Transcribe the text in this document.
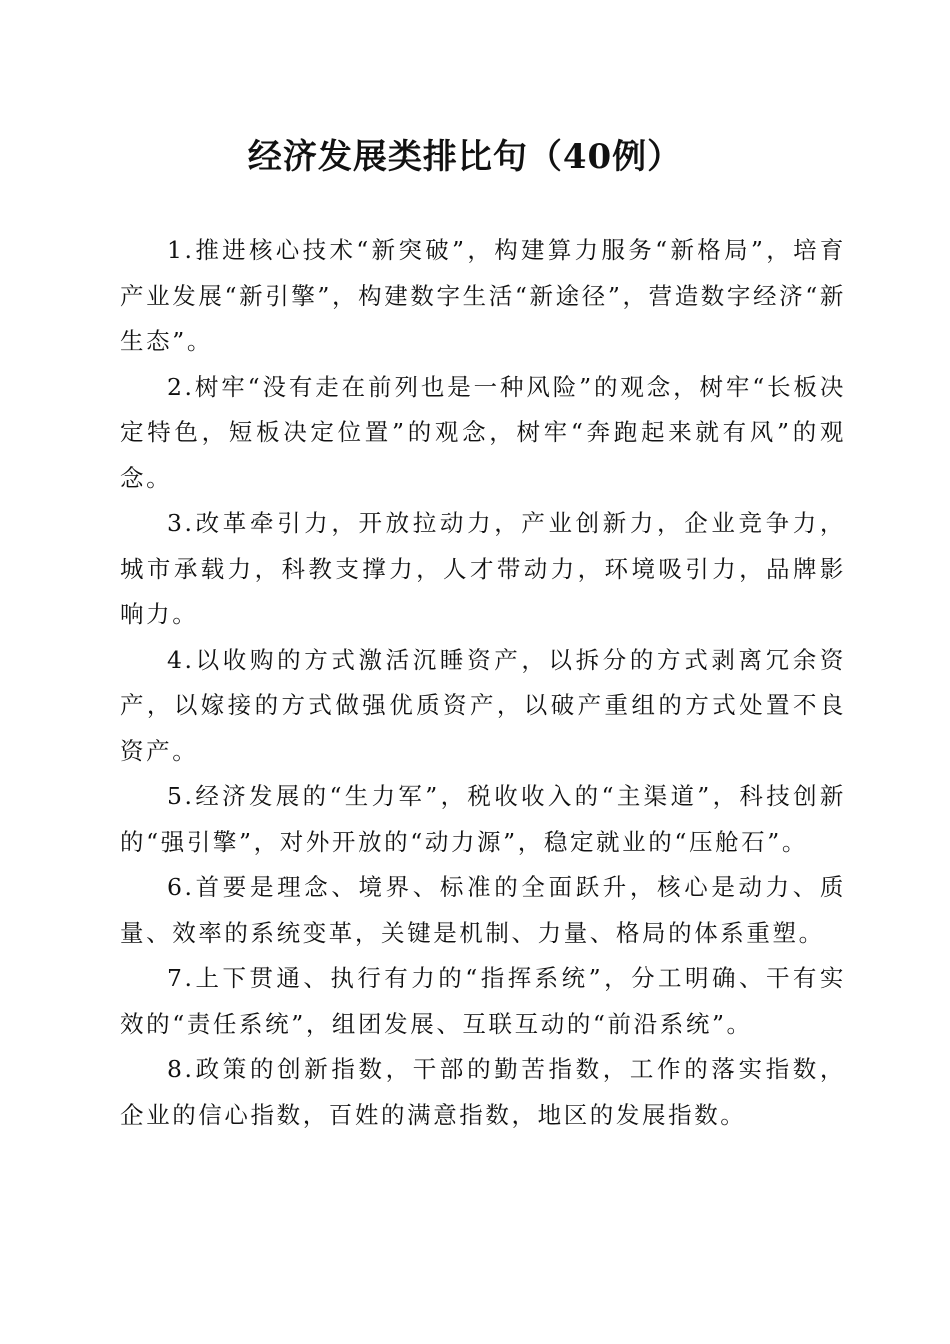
经济发展类排比句（40例）

1.推进核心技术“新突破”，构建算力服务“新格局”，培育产业发展“新引擎”，构建数字生活“新途径”，营造数字经济“新生态”。

2.树牢“没有走在前列也是一种风险”的观念，树牢“长板决定特色，短板决定位置”的观念，树牢“奔跑起来就有风”的观念。

3.改革牵引力，开放拉动力，产业创新力，企业竞争力，城市承载力，科教支撑力，人才带动力，环境吸引力，品牌影响力。

4.以收购的方式激活沉睡资产，以拆分的方式剥离冗余资产，以嫁接的方式做强优质资产，以破产重组的方式处置不良资产。

5.经济发展的“生力军”，税收收入的“主渠道”，科技创新的“强引擎”，对外开放的“动力源”，稳定就业的“压舱石”。

6.首要是理念、境界、标准的全面跃升，核心是动力、质量、效率的系统变革，关键是机制、力量、格局的体系重塑。

7.上下贯通、执行有力的“指挥系统”，分工明确、干有实效的“责任系统”，组团发展、互联互动的“前沿系统”。

8.政策的创新指数，干部的勤苦指数，工作的落实指数，企业的信心指数，百姓的满意指数，地区的发展指数。
